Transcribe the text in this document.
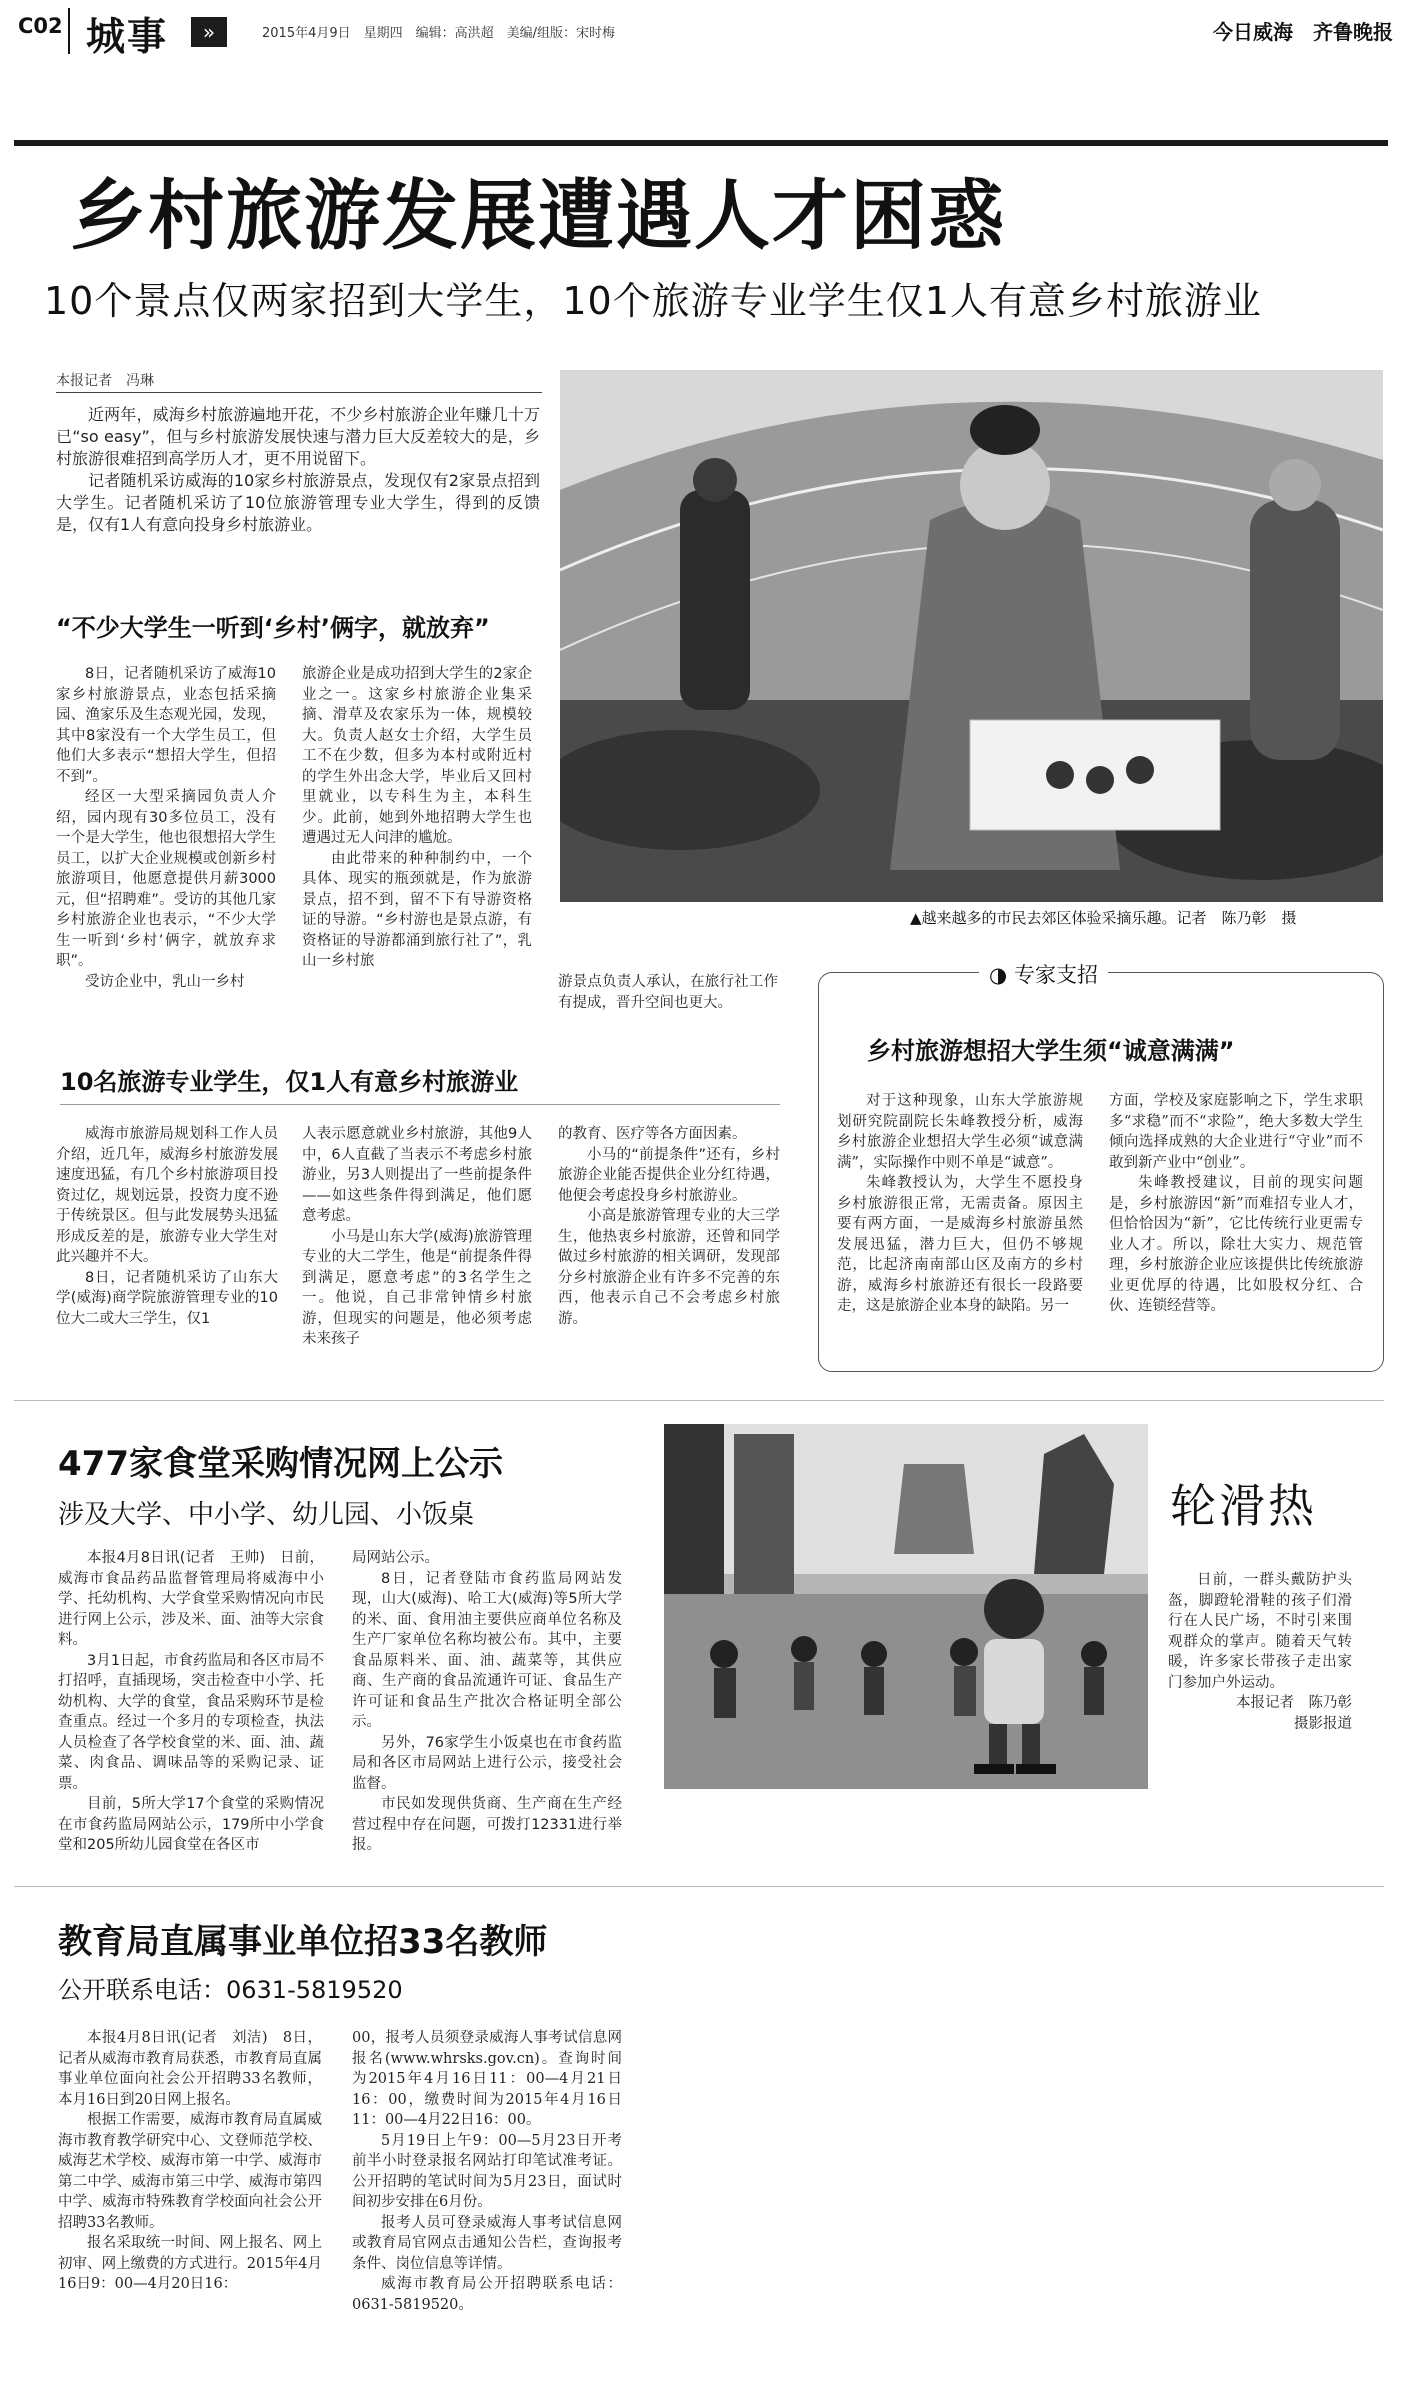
C02 城事	»	2015年4月9日　星期四　编辑：高洪超　美编/组版：宋时梅	今日威海　齐鲁晚报
乡村旅游发展遭遇人才困惑
10个景点仅两家招到大学生，10个旅游专业学生仅1人有意乡村旅游业
本报记者　冯琳

近两年，威海乡村旅游遍地开花，不少乡村旅游企业年赚几十万已“so easy”，但与乡村旅游发展快速与潜力巨大反差较大的是，乡村旅游很难招到高学历人才，更不用说留下。

记者随机采访威海的10家乡村旅游景点，发现仅有2家景点招到大学生。记者随机采访了10位旅游管理专业大学生，得到的反馈是，仅有1人有意向投身乡村旅游业。

“不少大学生一听到‘乡村’俩字，就放弃”

8日，记者随机采访了威海10家乡村旅游景点，业态包括采摘园、渔家乐及生态观光园，发现，其中8家没有一个大学生员工，但他们大多表示“想招大学生，但招不到”。

经区一大型采摘园负责人介绍，园内现有30多位员工，没有一个是大学生，他也很想招大学生员工，以扩大企业规模或创新乡村旅游项目，他愿意提供月薪3000元，但“招聘难”。受访的其他几家乡村旅游企业也表示，“不少大学生一听到‘乡村’俩字，就放弃求职”。

受访企业中，乳山一乡村

旅游企业是成功招到大学生的2家企业之一。这家乡村旅游企业集采摘、滑草及农家乐为一体，规模较大。负责人赵女士介绍，大学生员工不在少数，但多为本村或附近村的学生外出念大学，毕业后又回村里就业，以专科生为主，本科生少。此前，她到外地招聘大学生也遭遇过无人问津的尴尬。

由此带来的种种制约中，一个具体、现实的瓶颈就是，作为旅游景点，招不到，留不下有导游资格证的导游。“乡村游也是景点游，有资格证的导游都涌到旅行社了”，乳山一乡村旅

游景点负责人承认，在旅行社工作有提成，晋升空间也更大。

▲越来越多的市民去郊区体验采摘乐趣。记者　陈乃彰　摄
10名旅游专业学生，仅1人有意乡村旅游业

威海市旅游局规划科工作人员介绍，近几年，威海乡村旅游发展速度迅猛，有几个乡村旅游项目投资过亿，规划远景，投资力度不逊于传统景区。但与此发展势头迅猛形成反差的是，旅游专业大学生对此兴趣并不大。

8日，记者随机采访了山东大学(威海)商学院旅游管理专业的10位大二或大三学生，仅1

人表示愿意就业乡村旅游，其他9人中，6人直截了当表示不考虑乡村旅游业，另3人则提出了一些前提条件——如这些条件得到满足，他们愿意考虑。

小马是山东大学(威海)旅游管理专业的大二学生，他是“前提条件得到满足，愿意考虑”的3名学生之一。他说，自己非常钟情乡村旅游，但现实的问题是，他必须考虑未来孩子

的教育、医疗等各方面因素。

小马的“前提条件”还有，乡村旅游企业能否提供企业分红待遇，他便会考虑投身乡村旅游业。

小高是旅游管理专业的大三学生，他热衷乡村旅游，还曾和同学做过乡村旅游的相关调研，发现部分乡村旅游企业有许多不完善的东西，他表示自己不会考虑乡村旅游。

◑ 专家支招
乡村旅游想招大学生须“诚意满满”

对于这种现象，山东大学旅游规划研究院副院长朱峰教授分析，威海乡村旅游企业想招大学生必须“诚意满满”，实际操作中则不单是“诚意”。

朱峰教授认为，大学生不愿投身乡村旅游很正常，无需责备。原因主要有两方面，一是威海乡村旅游虽然发展迅猛，潜力巨大，但仍不够规范，比起济南南部山区及南方的乡村游，威海乡村旅游还有很长一段路要走，这是旅游企业本身的缺陷。另一

方面，学校及家庭影响之下，学生求职多“求稳”而不“求险”，绝大多数大学生倾向选择成熟的大企业进行“守业”而不敢到新产业中“创业”。

朱峰教授建议，目前的现实问题是，乡村旅游因“新”而难招专业人才，但恰恰因为“新”，它比传统行业更需专业人才。所以，除壮大实力、规范管理，乡村旅游企业应该提供比传统旅游业更优厚的待遇，比如股权分红、合伙、连锁经营等。

477家食堂采购情况网上公示
涉及大学、中小学、幼儿园、小饭桌

本报4月8日讯(记者　王帅)　日前，威海市食品药品监督管理局将威海中小学、托幼机构、大学食堂采购情况向市民进行网上公示，涉及米、面、油等大宗食料。

3月1日起，市食药监局和各区市局不打招呼，直插现场，突击检查中小学、托幼机构、大学的食堂，食品采购环节是检查重点。经过一个多月的专项检查，执法人员检查了各学校食堂的米、面、油、蔬菜、肉食品、调味品等的采购记录、证票。

目前，5所大学17个食堂的采购情况在市食药监局网站公示，179所中小学食堂和205所幼儿园食堂在各区市

局网站公示。

8日，记者登陆市食药监局网站发现，山大(威海)、哈工大(威海)等5所大学的米、面、食用油主要供应商单位名称及生产厂家单位名称均被公布。其中，主要食品原料米、面、油、蔬菜等，其供应商、生产商的食品流通许可证、食品生产许可证和食品生产批次合格证明全部公示。

另外，76家学生小饭桌也在市食药监局和各区市局网站上进行公示，接受社会监督。

市民如发现供货商、生产商在生产经营过程中存在问题，可拨打12331进行举报。

轮滑热

日前，一群头戴防护头盔，脚蹬轮滑鞋的孩子们滑行在人民广场，不时引来围观群众的掌声。随着天气转暖，许多家长带孩子走出家门参加户外运动。

本报记者　陈乃彰

摄影报道

教育局直属事业单位招33名教师
公开联系电话：0631-5819520

本报4月8日讯(记者　刘洁)　8日，记者从威海市教育局获悉，市教育局直属事业单位面向社会公开招聘33名教师，本月16日到20日网上报名。

根据工作需要，威海市教育局直属威海市教育教学研究中心、文登师范学校、威海艺术学校、威海市第一中学、威海市第二中学、威海市第三中学、威海市第四中学、威海市特殊教育学校面向社会公开招聘33名教师。

报名采取统一时间、网上报名、网上初审、网上缴费的方式进行。2015年4月16日9：00—4月20日16：

00，报考人员须登录威海人事考试信息网报名(www.whrsks.gov.cn)。查询时间为2015年4月16日11：00—4月21日16：00，缴费时间为2015年4月16日11：00—4月22日16：00。

5月19日上午9：00—5月23日开考前半小时登录报名网站打印笔试准考证。公开招聘的笔试时间为5月23日，面试时间初步安排在6月份。

报考人员可登录威海人事考试信息网或教育局官网点击通知公告栏，查询报考条件、岗位信息等详情。

威海市教育局公开招聘联系电话：0631-5819520。
